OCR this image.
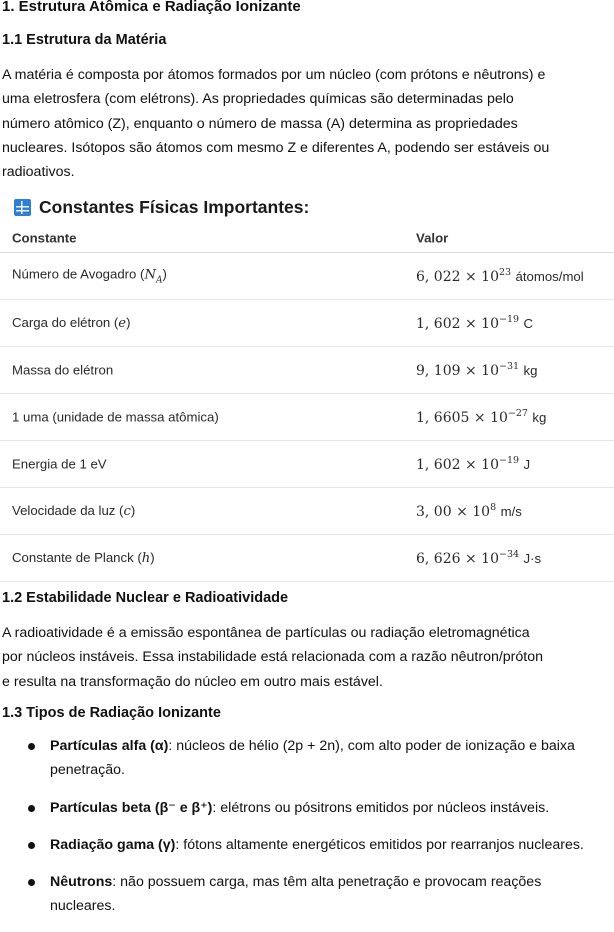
1. Estrutura Atômica e Radiação Ionizante
1.1 Estrutura da Matéria
A matéria é composta por átomos formados por um núcleo (com prótons e nêutrons) e
uma eletrosfera (com elétrons). As propriedades químicas são determinadas pelo
número atômico (Z), enquanto o número de massa (A) determina as propriedades
nucleares. Isótopos são átomos com mesmo Z e diferentes A, podendo ser estáveis ou
radioativos.
Constantes Físicas Importantes:
Constante	Valor
Número de Avogadro $(N_A)$	6, $022 \times 10^{23}$ átomos/mol
Carga do elétron (e)	1, $602 \times 10^{-19}$ C
Massa do elétron	9, $109 \times 10^{-31}$ kg
1 uma (unidade de massa atômica)	1, $6605 \times 10^{-27}$ kg
Energia de 1 eV	1, $602 \times 10^{-19}$ J
Velocidade da luz (c)	3, $00 \times 10^8$ m/s
Constante de Planck (h)	6, $626 \times 10^{-34}$ J·s
1.2 Estabilidade Nuclear e Radioatividade
A radioatividade é a emissão espontânea de partículas ou radiação eletromagnética
por núcleos instáveis. Essa instabilidade está relacionada com a razão nêutron/próton
e resulta na transformação do núcleo em outro mais estável.
1.3 Tipos de Radiação Ionizante
Partículas alfa (α): núcleos de hélio (2p + 2n), com alto poder de ionização e baixa penetração.
Partículas beta (β⁻ e β⁺): elétrons ou pósitrons emitidos por núcleos instáveis.
Radiação gama (γ): fótons altamente energéticos emitidos por rearranjos nucleares.
Nêutrons: não possuem carga, mas têm alta penetração e provocam reações nucleares.
